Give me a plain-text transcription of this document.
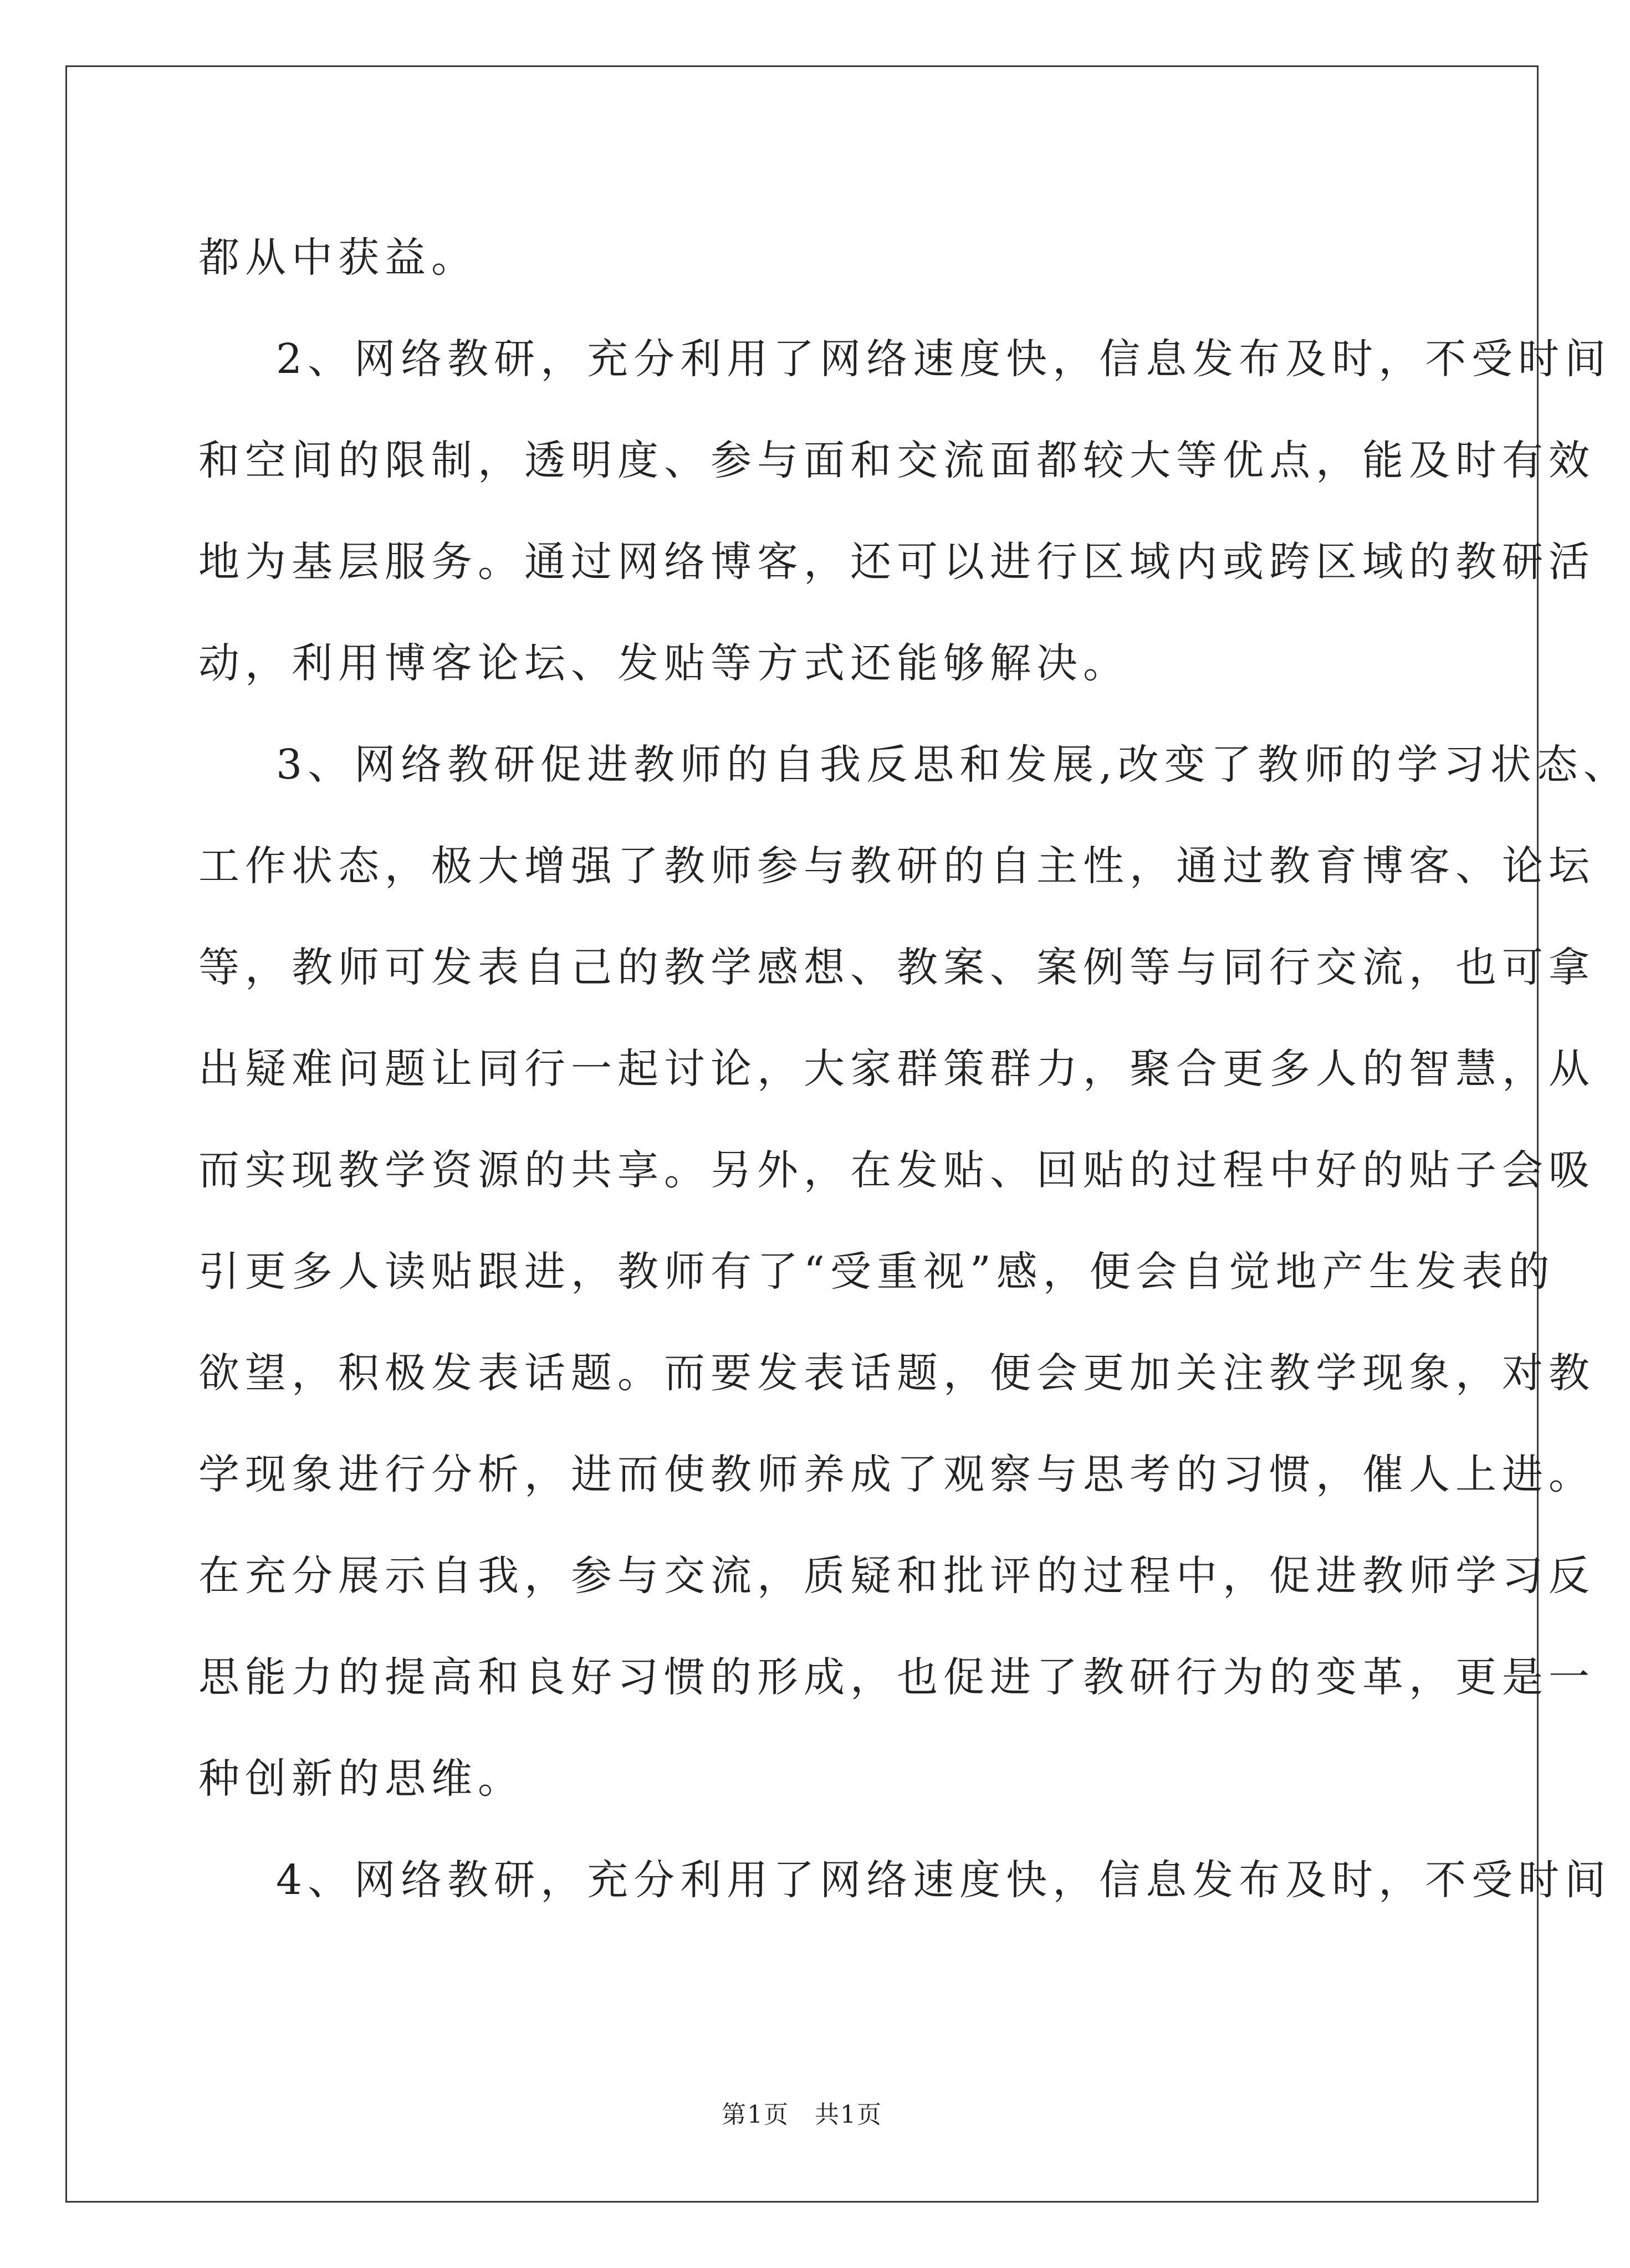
都从中获益。
2、网络教研，充分利用了网络速度快，信息发布及时，不受时间
和空间的限制，透明度、参与面和交流面都较大等优点，能及时有效
地为基层服务。通过网络博客，还可以进行区域内或跨区域的教研活
动，利用博客论坛、发贴等方式还能够解决。
3、网络教研促进教师的自我反思和发展,改变了教师的学习状态、
工作状态，极大增强了教师参与教研的自主性，通过教育博客、论坛
等，教师可发表自己的教学感想、教案、案例等与同行交流，也可拿
出疑难问题让同行一起讨论，大家群策群力，聚合更多人的智慧，从
而实现教学资源的共享。另外，在发贴、回贴的过程中好的贴子会吸
引更多人读贴跟进，教师有了“受重视”感，便会自觉地产生发表的
欲望，积极发表话题。而要发表话题，便会更加关注教学现象，对教
学现象进行分析，进而使教师养成了观察与思考的习惯，催人上进。
在充分展示自我，参与交流，质疑和批评的过程中，促进教师学习反
思能力的提高和良好习惯的形成，也促进了教研行为的变革，更是一
种创新的思维。
4、网络教研，充分利用了网络速度快，信息发布及时，不受时间
第1页　共1页
